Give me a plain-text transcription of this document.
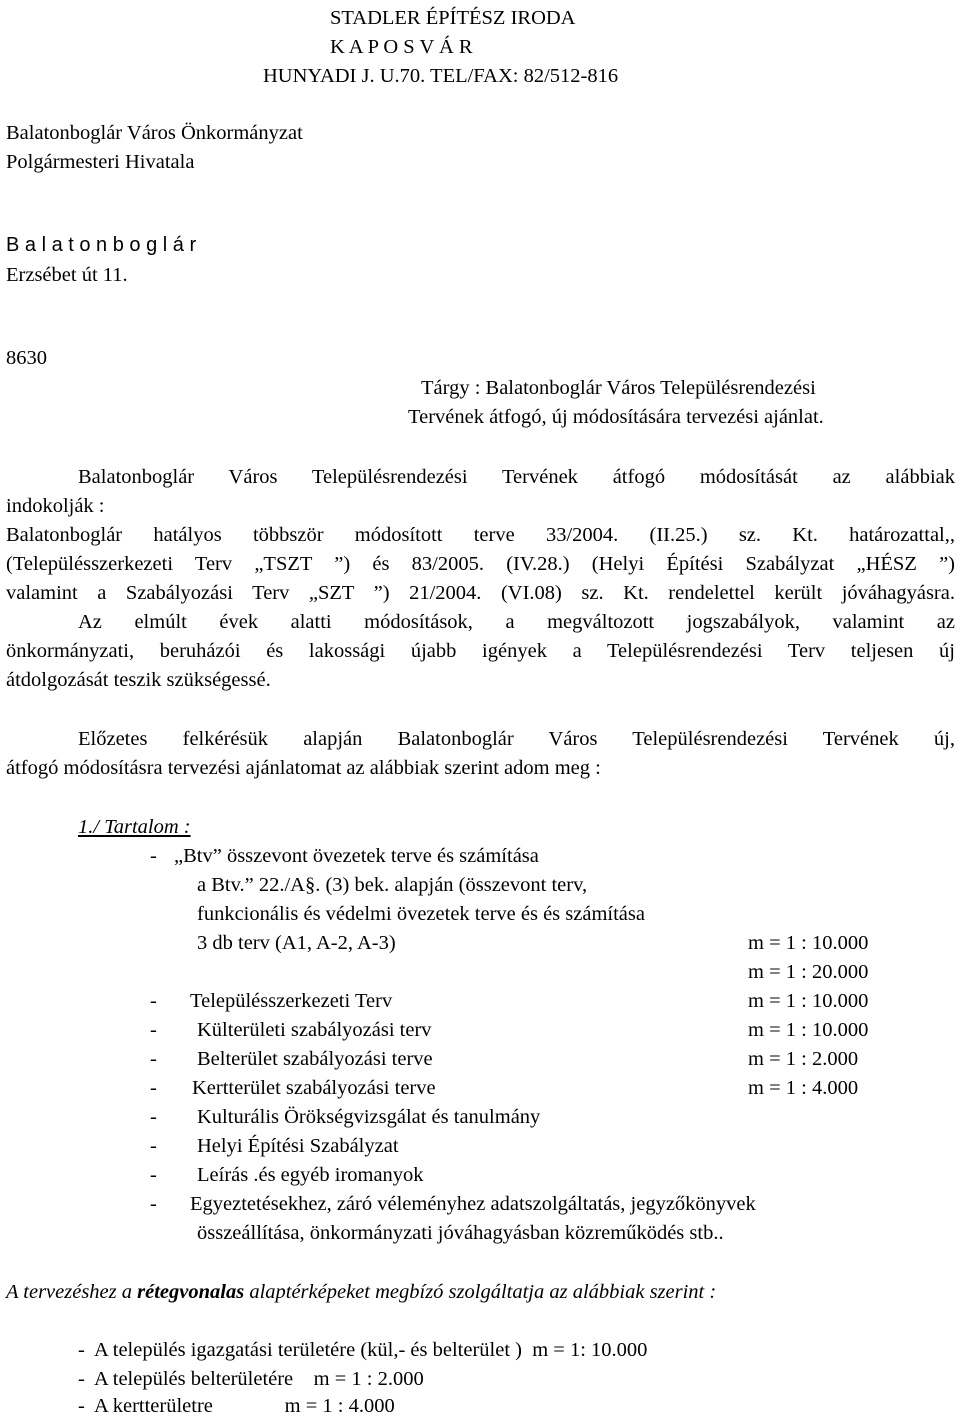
STADLER ÉPÍTÉSZ IRODA
K A P O S V Á R
HUNYADI J. U.70. TEL/FAX: 82/512-816
Balatonboglár Város Önkormányzat
Polgármesteri Hivatala
B a l a t o n b o g l á r
Erzsébet út 11.
8630
Tárgy : Balatonboglár Város Településrendezési
Tervének átfogó, új módosítására tervezési ajánlat.
Balatonboglár Város Településrendezési Tervének átfogó módosítását az alábbiak
indokolják :
Balatonboglár hatályos többször módosított terve 33/2004. (II.25.) sz. Kt. határozattal,,
(Településszerkezeti Terv „TSZT ”) és 83/2005. (IV.28.) (Helyi Építési Szabályzat „HÉSZ ”)
valamint a Szabályozási Terv „SZT ”) 21/2004. (VI.08) sz. Kt. rendelettel került jóváhagyásra.
Az elmúlt évek alatti módosítások, a megváltozott jogszabályok, valamint az
önkormányzati, beruházói és lakossági újabb igények a Településrendezési Terv teljesen új
átdolgozását teszik szükségessé.
Előzetes felkérésük alapján Balatonboglár Város Településrendezési Tervének új,
átfogó módosításra tervezési ajánlatomat az alábbiak szerint adom meg :
1./ Tartalom :
- „Btv” összevont övezetek terve és számítása
a Btv.” 22./A§. (3) bek. alapján (összevont terv,
funkcionális és védelmi övezetek terve és és számítása
3 db terv (A1, A-2, A-3)	m = 1 : 10.000
m = 1 : 20.000
- Településszerkezeti Terv	m = 1 : 10.000
- Külterületi szabályozási terv	m = 1 : 10.000
- Belterület szabályozási terve	m = 1 : 2.000
- Kertterület szabályozási terve	m = 1 : 4.000
- Kulturális Örökségvizsgálat és tanulmány
- Helyi Építési Szabályzat
- Leírás .és egyéb iromanyok
- Egyeztetésekhez, záró véleményhez adatszolgáltatás, jegyzőkönyvek
összeállítása, önkormányzati jóváhagyásban közreműködés stb..
A tervezéshez a rétegvonalas alaptérképeket megbízó szolgáltatja az alábbiak szerint :
-  A település igazgatási területére (kül,- és belterület )  m = 1: 10.000
-  A település belterületére    m = 1 : 2.000
-  A kertterületre              m = 1 : 4.000
